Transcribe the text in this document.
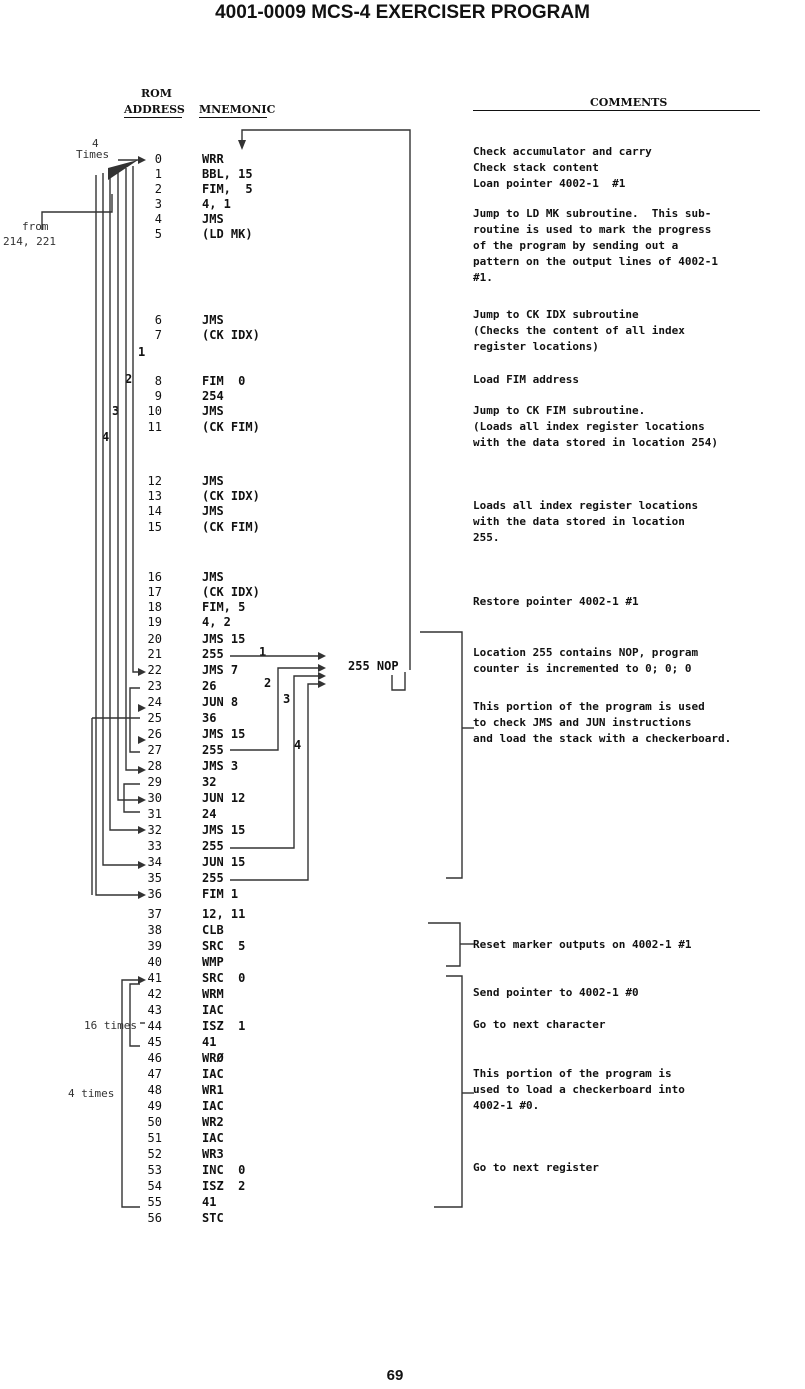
4001-0009 MCS-4 EXERCISER PROGRAM
ROM
ADDRESS MNEMONIC
COMMENTS
0	WRR
1	BBL, 15
2	FIM,  5
3	4, 1
4	JMS
5	(LD MK)
6	JMS
7	(CK IDX)
8	FIM  0
9	254
10	JMS
11	(CK FIM)
12	JMS
13	(CK IDX)
14	JMS
15	(CK FIM)
16	JMS
17	(CK IDX)
18	FIM, 5
19	4, 2
20	JMS 15
21	255
22	JMS 7
23	26
24	JUN 8
25	36
26	JMS 15
27	255
28	JMS 3
29	32
30	JUN 12
31	24
32	JMS 15
33	255
34	JUN 15
35	255
36	FIM 1
37	12, 11
38	CLB
39	SRC  5
40	WMP
41	SRC  0
42	WRM
43	IAC
44	ISZ  1
45	41
46	WRØ
47	IAC
48	WR1
49	IAC
50	WR2
51	IAC
52	WR3
53	INC  0
54	ISZ  2
55	41
56	STC
Check accumulator and carry
Check stack content
Loan pointer 4002-1  #1
Jump to LD MK subroutine.  This sub-
routine is used to mark the progress
of the program by sending out a
pattern on the output lines of 4002-1
#1.
Jump to CK IDX subroutine
(Checks the content of all index
register locations)
Load FIM address
Jump to CK FIM subroutine.
(Loads all index register locations
with the data stored in location 254)
Loads all index register locations
with the data stored in location
255.
Restore pointer 4002-1 #1
Location 255 contains NOP, program
counter is incremented to 0; 0; 0
This portion of the program is used
to check JMS and JUN instructions
and load the stack with a checkerboard.
Reset marker outputs on 4002-1 #1
Send pointer to 4002-1 #0
Go to next character
This portion of the program is
used to load a checkerboard into
4002-1 #0.
Go to next register
4
Times
from
214, 221
16 times
4 times
1
2
3
4
1
2
3
4
255 NOP
69
